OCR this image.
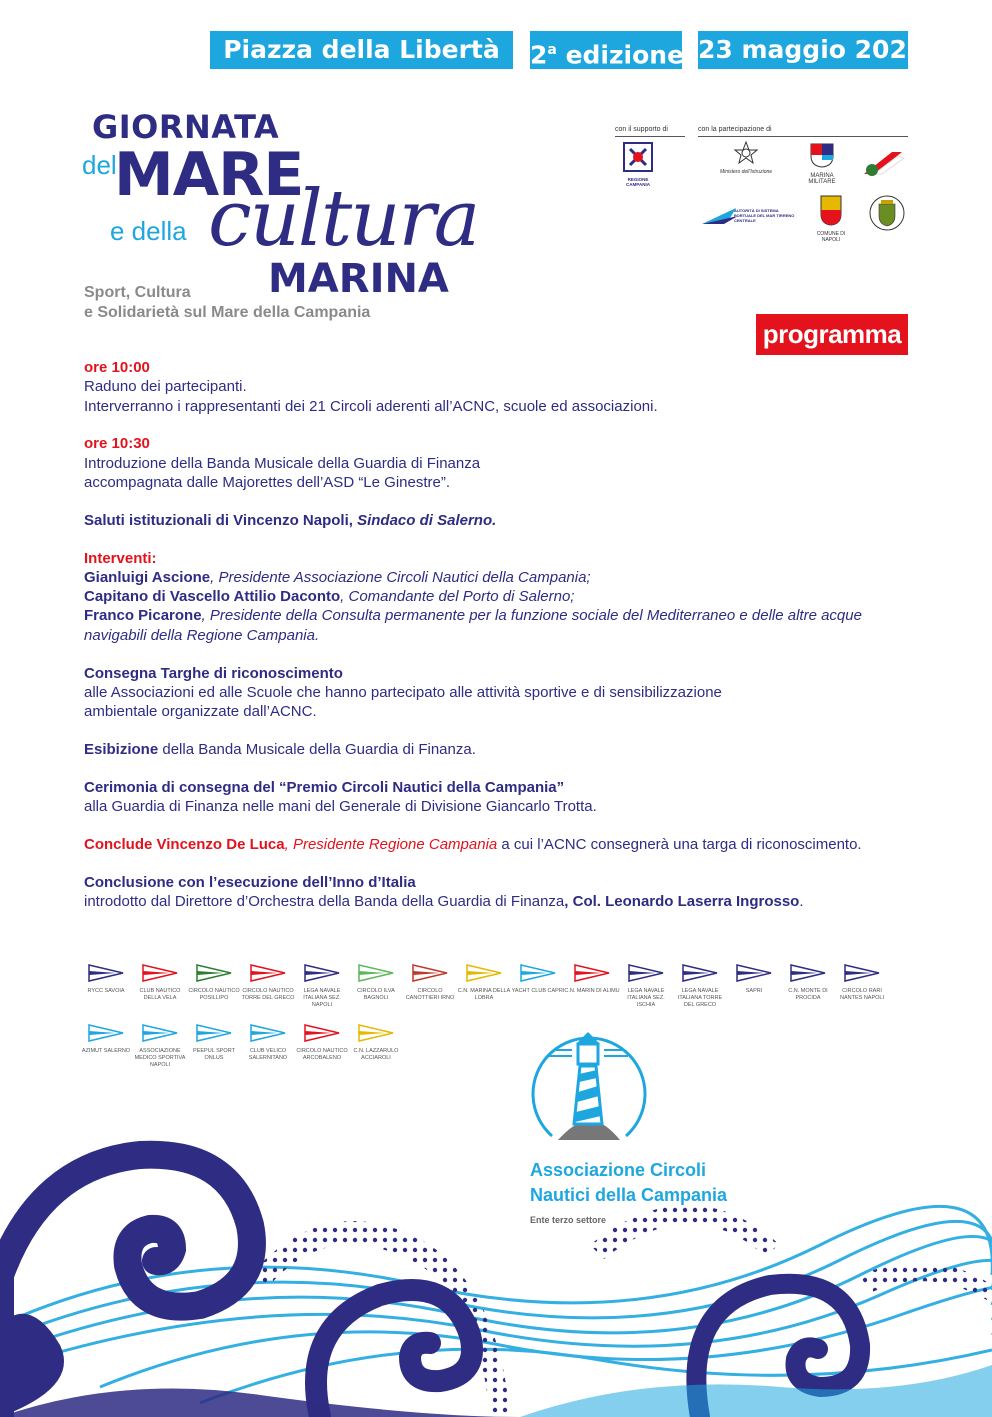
Piazza della Libertà	2$^a$ edizione 23 maggio 2023
GIORNATA
del
MARE
e della cultura
MARINA
Sport, Cultura
e Solidarietà sul Mare della Campania
con il supporto di	con la partecipazione di
REGIONE CAMPANIA
Ministero dell'Istruzione
MARINA MILITARE
AUTORITÀ DI SISTEMA PORTUALE DEL MAR TIRRENO CENTRALE
COMUNE DI NAPOLI
programma

ore 10:00
Raduno dei partecipanti.
Interverranno i rappresentanti dei 21 Circoli aderenti all’ACNC, scuole ed associazioni.

ore 10:30
Introduzione della Banda Musicale della Guardia di Finanza
accompagnata dalle Majorettes dell’ASD “Le Ginestre”.

Saluti istituzionali di Vincenzo Napoli, Sindaco di Salerno.

Interventi:
Gianluigi Ascione, Presidente Associazione Circoli Nautici della Campania;
Capitano di Vascello Attilio Daconto, Comandante del Porto di Salerno;
Franco Picarone, Presidente della Consulta permanente per la funzione sociale del Mediterraneo e delle altre acque navigabili della Regione Campania.

Consegna Targhe di riconoscimento
alle Associazioni ed alle Scuole che hanno partecipato alle attività sportive e di sensibilizzazione
ambientale organizzate dall’ACNC.

Esibizione della Banda Musicale della Guardia di Finanza.

Cerimonia di consegna del “Premio Circoli Nautici della Campania”
alla Guardia di Finanza nelle mani del Generale di Divisione Giancarlo Trotta.

Conclude Vincenzo De Luca, Presidente Regione Campania a cui l’ACNC consegnerà una targa di riconoscimento.

Conclusione con l’esecuzione dell’Inno d’Italia
introdotto dal Direttore d’Orchestra della Banda della Guardia di Finanza, Col. Leonardo Laserra Ingrosso.

RYCC SAVOIA	CLUB NAUTICO DELLA VELA
CIRCOLO NAUTICO POSILLIPO
CIRCOLO NAUTICO TORRE DEL GRECO
LEGA NAVALE ITALIANA SEZ. NAPOLI
CIRCOLO ILVA BAGNOLI
CIRCOLO CANOTTIERI IRNO
C.N. MARINA DELLA LOBRA
YACHT CLUB CAPRI C.N. MARIN DI ALIMU	LEGA NAVALE ITALIANA SEZ. ISCHIA
LEGA NAVALE ITALIANA TORRE DEL GRECO
SAPRI	C.N. MONTE DI PROCIDA
CIRCOLO RARI NANTES NAPOLI
AZIMUT SALERNO	ASSOCIAZIONE MEDICO SPORTIVA NAPOLI
PEEPUL SPORT ONLUS
CLUB VELICO SALERNITANO
CIRCOLO NAUTICO ARCOBALENO
C.N. LAZZARULO ACCIAROLI
Associazione Circoli
Nautici della Campania
Ente terzo settore
